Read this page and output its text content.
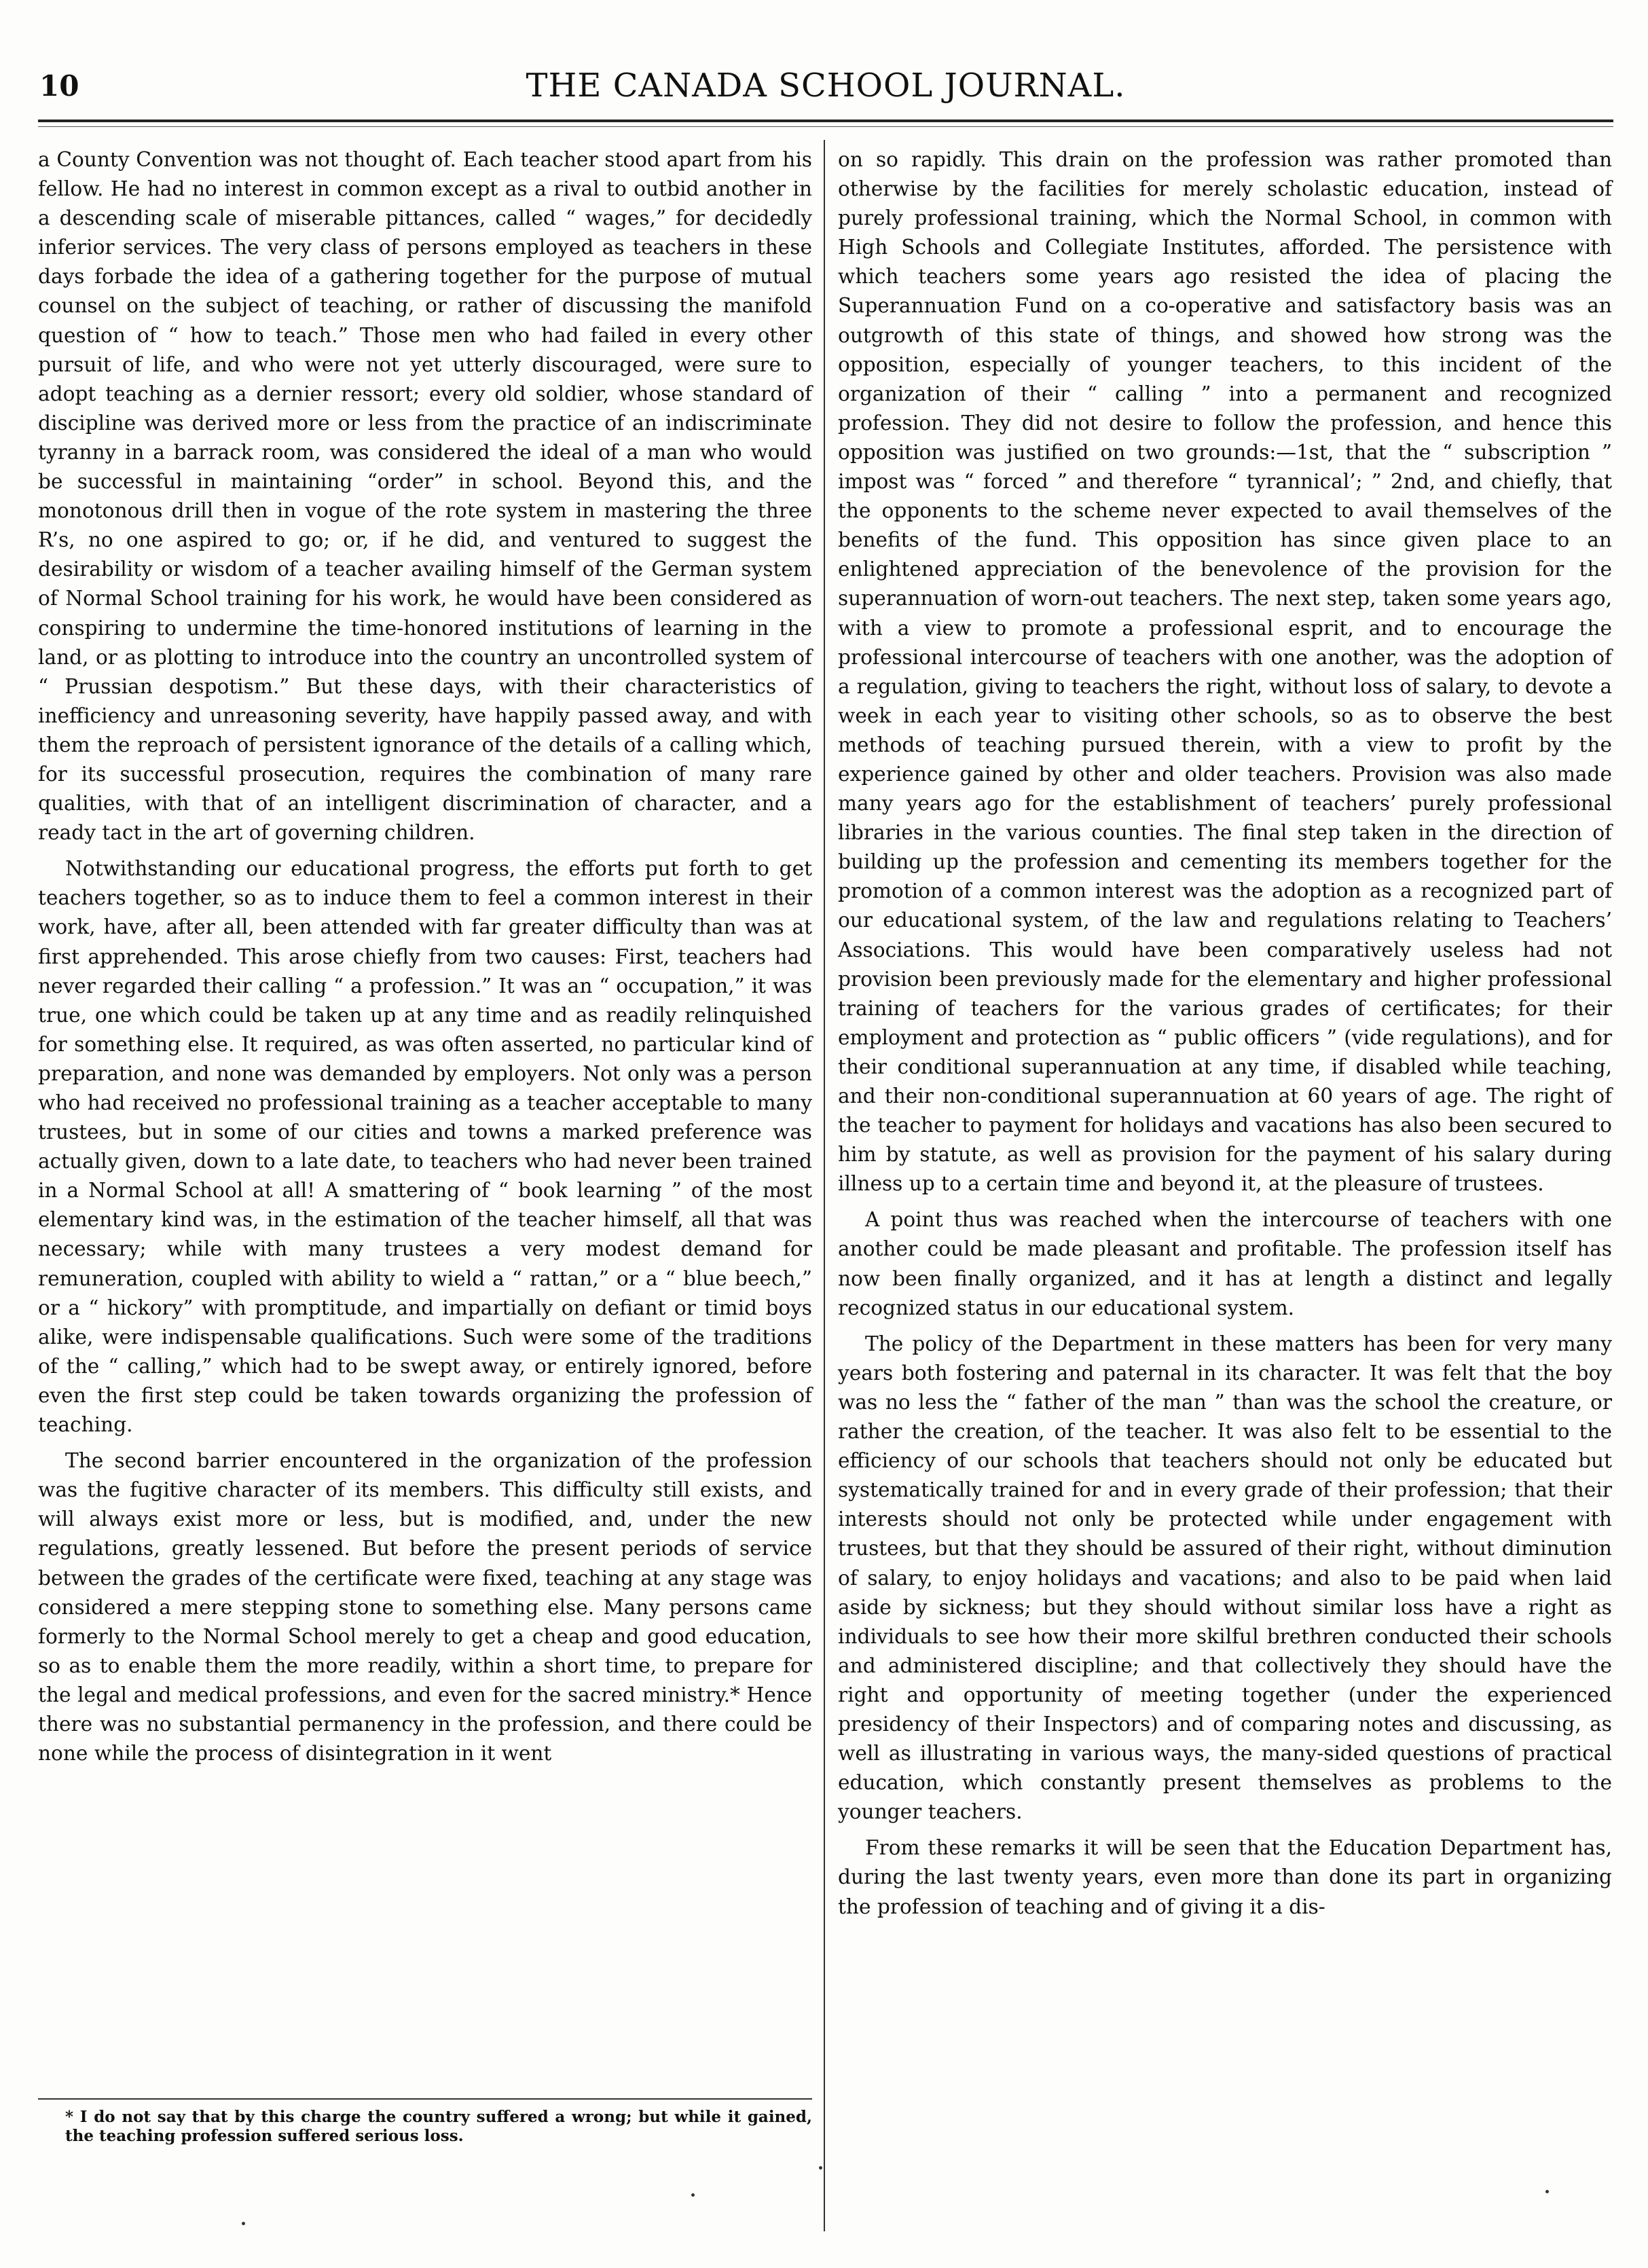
10	THE CANADA SCHOOL JOURNAL.

a County Convention was not thought of. Each teacher stood apart from his fellow. He had no interest in common except as a rival to outbid another in a descending scale of miserable pittances, called “ wages,” for decidedly inferior services. The very class of persons employed as teachers in these days forbade the idea of a gathering together for the purpose of mutual counsel on the subject of teaching, or rather of discussing the manifold question of “ how to teach.” Those men who had failed in every other pursuit of life, and who were not yet utterly discouraged, were sure to adopt teaching as a dernier ressort; every old soldier, whose standard of discipline was derived more or less from the practice of an indiscriminate tyranny in a barrack room, was considered the ideal of a man who would be successful in maintaining “order” in school. Beyond this, and the monotonous drill then in vogue of the rote system in mastering the three R’s, no one aspired to go; or, if he did, and ventured to suggest the desirability or wisdom of a teacher availing himself of the German system of Normal School training for his work, he would have been considered as conspiring to undermine the time-honored institutions of learning in the land, or as plotting to introduce into the country an uncontrolled system of “ Prussian despotism.” But these days, with their characteristics of inefficiency and unreasoning severity, have happily passed away, and with them the reproach of persistent ignorance of the details of a calling which, for its successful prosecution, requires the combination of many rare qualities, with that of an intelligent discrimination of character, and a ready tact in the art of governing children.

Notwithstanding our educational progress, the efforts put forth to get teachers together, so as to induce them to feel a common interest in their work, have, after all, been attended with far greater difficulty than was at first apprehended. This arose chiefly from two causes: First, teachers had never regarded their calling “ a profession.” It was an “ occupation,” it was true, one which could be taken up at any time and as readily relinquished for something else. It required, as was often asserted, no particular kind of preparation, and none was demanded by employers. Not only was a person who had received no professional training as a teacher acceptable to many trustees, but in some of our cities and towns a marked preference was actually given, down to a late date, to teachers who had never been trained in a Normal School at all! A smattering of “ book learning ” of the most elementary kind was, in the estimation of the teacher himself, all that was necessary; while with many trustees a very modest demand for remuneration, coupled with ability to wield a “ rattan,” or a “ blue beech,” or a “ hickory” with promptitude, and impartially on defiant or timid boys alike, were indispensable qualifications. Such were some of the traditions of the “ calling,” which had to be swept away, or entirely ignored, before even the first step could be taken towards organizing the profession of teaching.

The second barrier encountered in the organization of the profession was the fugitive character of its members. This difficulty still exists, and will always exist more or less, but is modified, and, under the new regulations, greatly lessened. But before the present periods of service between the grades of the certificate were fixed, teaching at any stage was considered a mere stepping stone to something else. Many persons came formerly to the Normal School merely to get a cheap and good education, so as to enable them the more readily, within a short time, to prepare for the legal and medical professions, and even for the sacred ministry.* Hence there was no substantial permanency in the profession, and there could be none while the process of disintegration in it went

* I do not say that by this charge the country suffered a wrong; but while it gained, the teaching profession suffered serious loss.

on so rapidly. This drain on the profession was rather promoted than otherwise by the facilities for merely scholastic education, instead of purely professional training, which the Normal School, in common with High Schools and Collegiate Institutes, afforded. The persistence with which teachers some years ago resisted the idea of placing the Superannuation Fund on a co-operative and satisfactory basis was an outgrowth of this state of things, and showed how strong was the opposition, especially of younger teachers, to this incident of the organization of their “ calling ” into a permanent and recognized profession. They did not desire to follow the profession, and hence this opposition was justified on two grounds:—1st, that the “ subscription ” impost was “ forced ” and therefore “ tyrannical’; ” 2nd, and chiefly, that the opponents to the scheme never expected to avail themselves of the benefits of the fund. This opposition has since given place to an enlightened appreciation of the benevolence of the provision for the superannuation of worn-out teachers. The next step, taken some years ago, with a view to promote a professional esprit, and to encourage the professional intercourse of teachers with one another, was the adoption of a regulation, giving to teachers the right, without loss of salary, to devote a week in each year to visiting other schools, so as to observe the best methods of teaching pursued therein, with a view to profit by the experience gained by other and older teachers. Provision was also made many years ago for the establishment of teachers’ purely professional libraries in the various counties. The final step taken in the direction of building up the profession and cementing its members together for the promotion of a common interest was the adoption as a recognized part of our educational system, of the law and regulations relating to Teachers’ Associations. This would have been comparatively useless had not provision been previously made for the elementary and higher professional training of teachers for the various grades of certificates; for their employment and protection as “ public officers ” (vide regulations), and for their conditional superannuation at any time, if disabled while teaching, and their non-conditional superannuation at 60 years of age. The right of the teacher to payment for holidays and vacations has also been secured to him by statute, as well as provision for the payment of his salary during illness up to a certain time and beyond it, at the pleasure of trustees.

A point thus was reached when the intercourse of teachers with one another could be made pleasant and profitable. The profession itself has now been finally organized, and it has at length a distinct and legally recognized status in our educational system.

The policy of the Department in these matters has been for very many years both fostering and paternal in its character. It was felt that the boy was no less the “ father of the man ” than was the school the creature, or rather the creation, of the teacher. It was also felt to be essential to the efficiency of our schools that teachers should not only be educated but systematically trained for and in every grade of their profession; that their interests should not only be protected while under engagement with trustees, but that they should be assured of their right, without diminution of salary, to enjoy holidays and vacations; and also to be paid when laid aside by sickness; but they should without similar loss have a right as individuals to see how their more skilful brethren conducted their schools and administered discipline; and that collectively they should have the right and opportunity of meeting together (under the experienced presidency of their Inspectors) and of comparing notes and discussing, as well as illustrating in various ways, the many-sided questions of practical education, which constantly present themselves as problems to the younger teachers.

From these remarks it will be seen that the Education Department has, during the last twenty years, even more than done its part in organizing the profession of teaching and of giving it a dis-
